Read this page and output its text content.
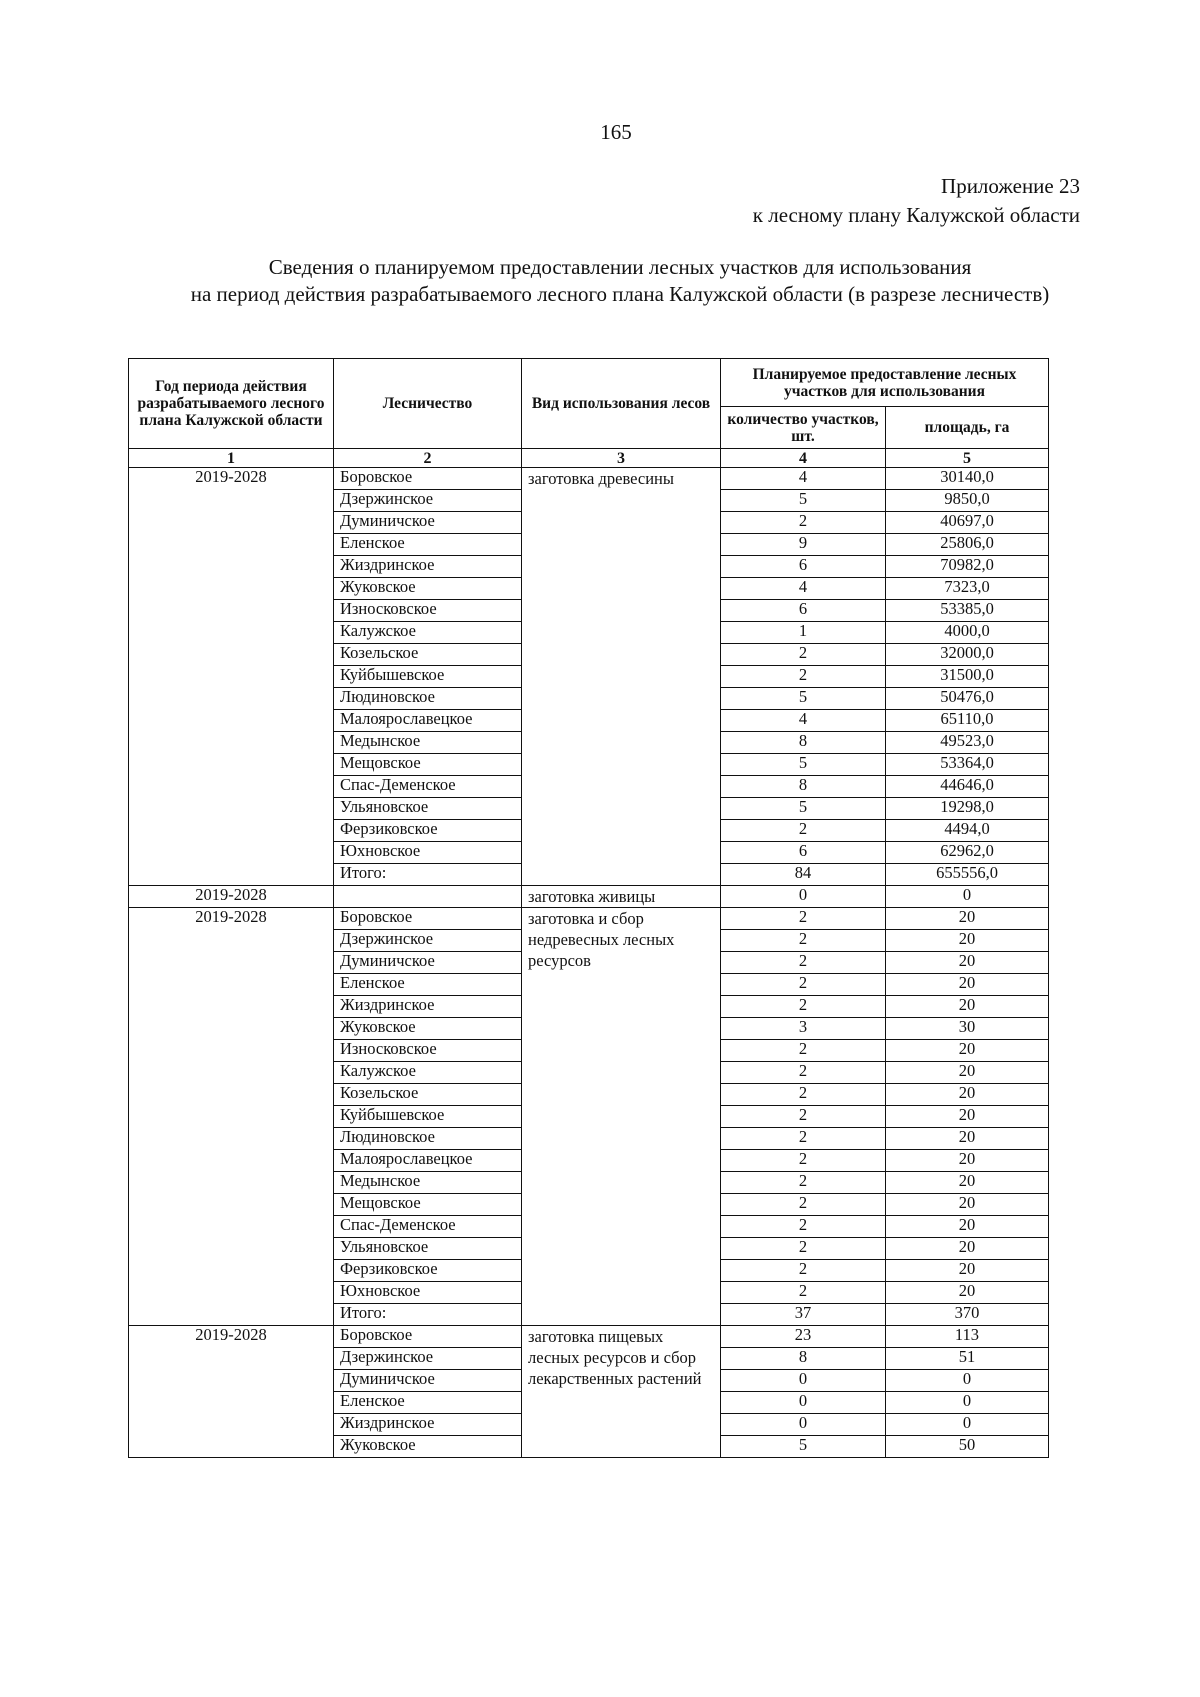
165
Приложение 23
к лесному плану Калужской области
Сведения о планируемом предоставлении лесных участков для использования
на период действия разрабатываемого лесного плана Калужской области (в разрезе лесничеств)
Год периода действия разрабатываемого лесного плана Калужской области	Лесничество	Вид использования лесов	Планируемое предоставление лесных участков для использования	
			количество участков, шт.	площадь, га
1	2	3	4	5
2019-2028	Боровское	заготовка древесины	4	30140,0
	Дзержинское		5	9850,0
	Думиничское		2	40697,0
	Еленское		9	25806,0
	Жиздринское		6	70982,0
	Жуковское		4	7323,0
	Износковское		6	53385,0
	Калужское		1	4000,0
	Козельское		2	32000,0
	Куйбышевское		2	31500,0
	Людиновское		5	50476,0
	Малоярославецкое		4	65110,0
	Медынское		8	49523,0
	Мещовское		5	53364,0
	Спас-Деменское		8	44646,0
	Ульяновское		5	19298,0
	Ферзиковское		2	4494,0
	Юхновское		6	62962,0
	Итого:		84	655556,0
2019-2028		заготовка живицы	0	0
2019-2028	Боровское	заготовка и сбор недревесных лесных ресурсов	2	20
	Дзержинское		2	20
	Думиничское		2	20
	Еленское		2	20
	Жиздринское		2	20
	Жуковское		3	30
	Износковское		2	20
	Калужское		2	20
	Козельское		2	20
	Куйбышевское		2	20
	Людиновское		2	20
	Малоярославецкое		2	20
	Медынское		2	20
	Мещовское		2	20
	Спас-Деменское		2	20
	Ульяновское		2	20
	Ферзиковское		2	20
	Юхновское		2	20
	Итого:		37	370
2019-2028	Боровское	заготовка пищевых лесных ресурсов и сбор лекарственных растений	23	113
	Дзержинское		8	51
	Думиничское		0	0
	Еленское		0	0
	Жиздринское		0	0
	Жуковское		5	50
